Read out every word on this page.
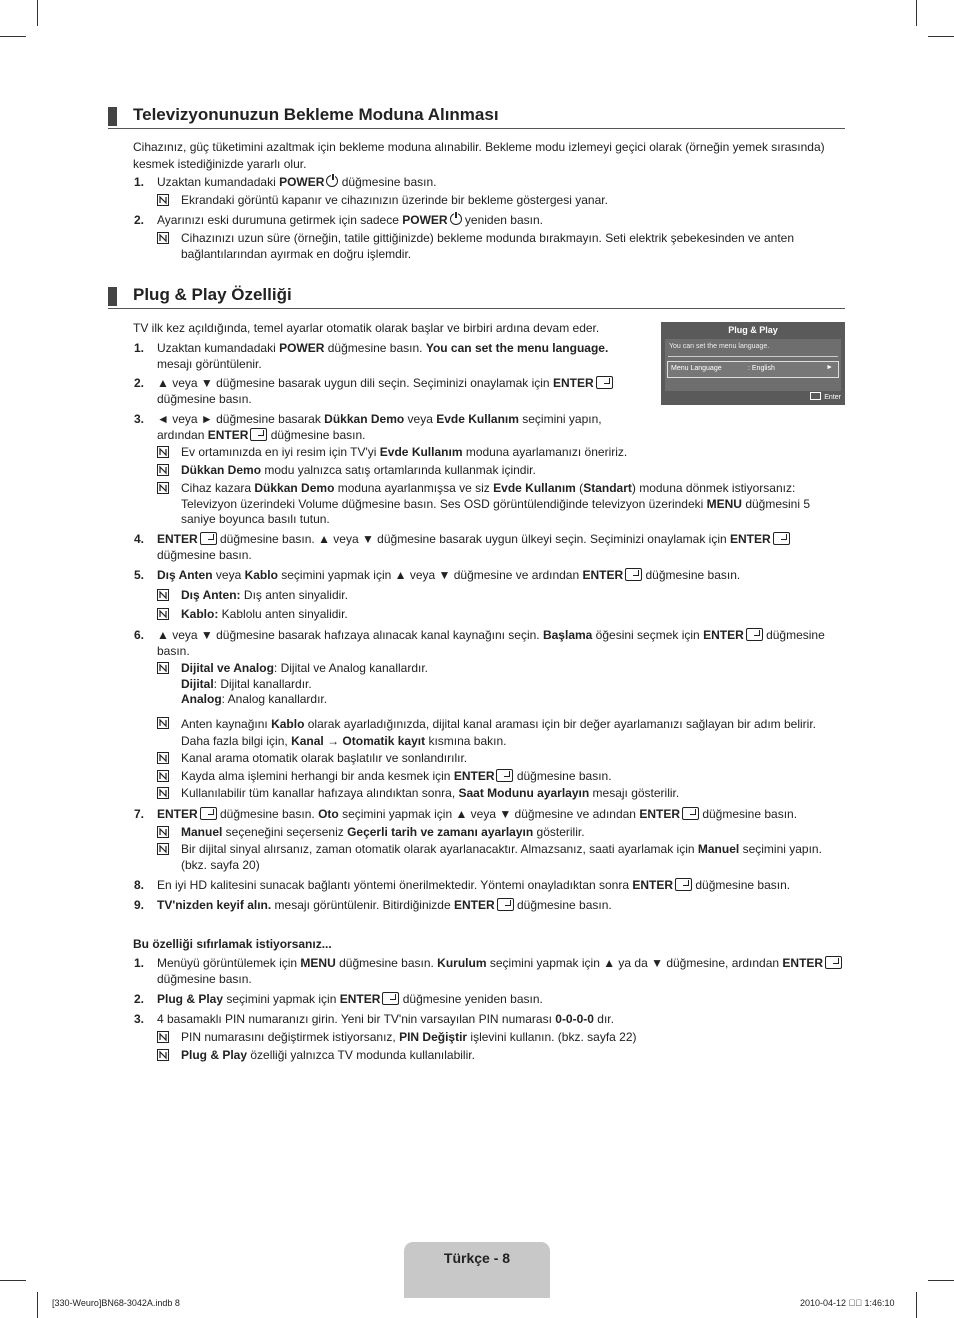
Televizyonunuzun Bekleme Moduna Alınması
Cihazınız, güç tüketimini azaltmak için bekleme moduna alınabilir. Bekleme modu izlemeyi geçici olarak (örneğin yemek sırasında) kesmek istediğinizde yararlı olur.
1. Uzaktan kumandadaki POWER düğmesine basın.
Ekrandaki görüntü kapanır ve cihazınızın üzerinde bir bekleme göstergesi yanar.
2. Ayarınızı eski durumuna getirmek için sadece POWER yeniden basın.
Cihazınızı uzun süre (örneğin, tatile gittiğinizde) bekleme modunda bırakmayın. Seti elektrik şebekesinden ve anten bağlantılarından ayırmak en doğru işlemdir.
Plug & Play Özelliği
TV ilk kez açıldığında, temel ayarlar otomatik olarak başlar ve birbiri ardına devam eder.	Plug & Play
You can set the menu language.
Menu Language	: English	►
Enter
1. Uzaktan kumandadaki POWER düğmesine basın. You can set the menu language. mesajı görüntülenir.
2. ▲ veya ▼ düğmesine basarak uygun dili seçin. Seçiminizi onaylamak için ENTER düğmesine basın.
3. ◄ veya ► düğmesine basarak Dükkan Demo veya Evde Kullanım seçimini yapın, ardından ENTER düğmesine basın.
Ev ortamınızda en iyi resim için TV'yi Evde Kullanım moduna ayarlamanızı öneririz.
Dükkan Demo modu yalnızca satış ortamlarında kullanmak içindir.
Cihaz kazara Dükkan Demo moduna ayarlanmışsa ve siz Evde Kullanım (Standart) moduna dönmek istiyorsanız: Televizyon üzerindeki Volume düğmesine basın. Ses OSD görüntülendiğinde televizyon üzerindeki MENU düğmesini 5 saniye boyunca basılı tutun.
4. ENTER düğmesine basın. ▲ veya ▼ düğmesine basarak uygun ülkeyi seçin. Seçiminizi onaylamak için ENTER düğmesine basın.
5. Dış Anten veya Kablo seçimini yapmak için ▲ veya ▼ düğmesine ve ardından ENTER düğmesine basın.
Dış Anten: Dış anten sinyalidir.
Kablo: Kablolu anten sinyalidir.
6. ▲ veya ▼ düğmesine basarak hafızaya alınacak kanal kaynağını seçin. Başlama öğesini seçmek için ENTER düğmesine basın.
Dijital ve Analog: Dijital ve Analog kanallardır.
Dijital: Dijital kanallardır.
Analog: Analog kanallardır.
Anten kaynağını Kablo olarak ayarladığınızda, dijital kanal araması için bir değer ayarlamanızı sağlayan bir adım belirir. Daha fazla bilgi için, Kanal → Otomatik kayıt kısmına bakın.
Kanal arama otomatik olarak başlatılır ve sonlandırılır.
Kayda alma işlemini herhangi bir anda kesmek için ENTER düğmesine basın.
Kullanılabilir tüm kanallar hafızaya alındıktan sonra, Saat Modunu ayarlayın mesajı gösterilir.
7. ENTER düğmesine basın. Oto seçimini yapmak için ▲ veya ▼ düğmesine ve adından ENTER düğmesine basın.
Manuel seçeneğini seçerseniz Geçerli tarih ve zamanı ayarlayın gösterilir.
Bir dijital sinyal alırsanız, zaman otomatik olarak ayarlanacaktır. Almazsanız, saati ayarlamak için Manuel seçimini yapın. (bkz. sayfa 20)
8. En iyi HD kalitesini sunacak bağlantı yöntemi önerilmektedir. Yöntemi onayladıktan sonra ENTER düğmesine basın.
9. TV'nizden keyif alın. mesajı görüntülenir. Bitirdiğinizde ENTER düğmesine basın.
Bu özelliği sıfırlamak istiyorsanız...
1. Menüyü görüntülemek için MENU düğmesine basın. Kurulum seçimini yapmak için ▲ ya da ▼ düğmesine, ardından ENTER düğmesine basın.
2. Plug & Play seçimini yapmak için ENTER düğmesine yeniden basın.
3. 4 basamaklı PIN numaranızı girin. Yeni bir TV'nin varsayılan PIN numarası 0-0-0-0 dır.
PIN numarasını değiştirmek istiyorsanız, PIN Değiştir işlevini kullanın. (bkz. sayfa 22)
Plug & Play özelliği yalnızca TV modunda kullanılabilir.
Türkçe - 8
[330-Weuro]BN68-3042A.indb 8	2010-04-12 ￿￿ 1:46:10
